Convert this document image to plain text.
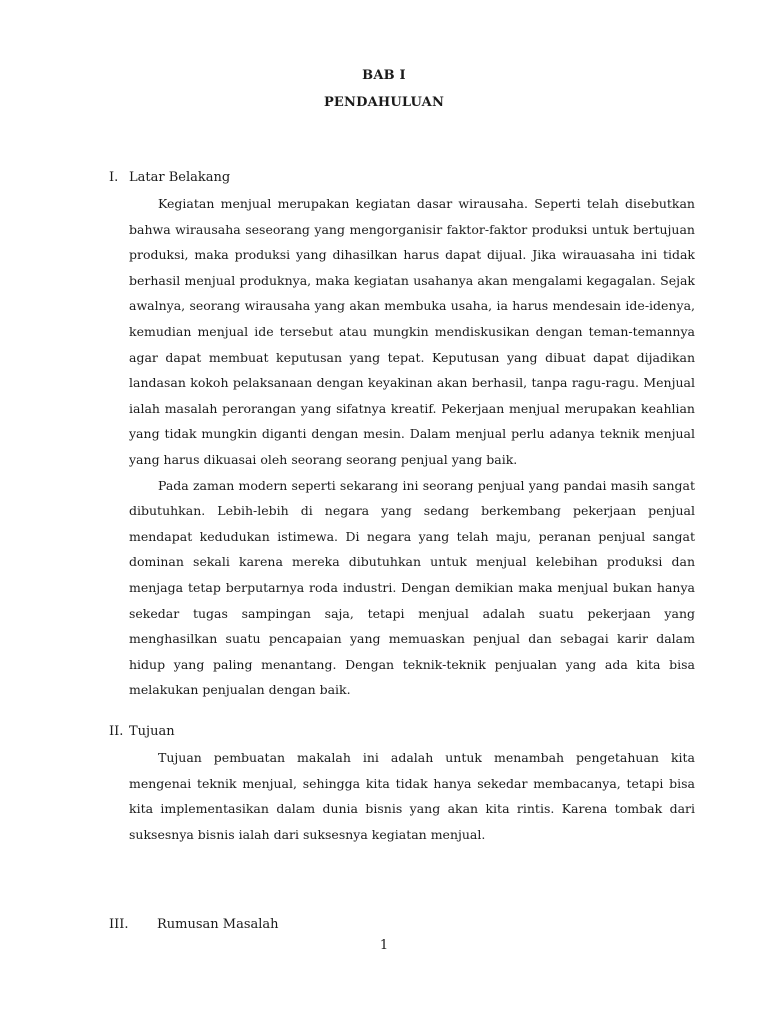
BAB I
PENDAHULUAN
I. Latar Belakang

Kegiatan menjual merupakan kegiatan dasar wirausaha. Seperti telah disebutkan bahwa wirausaha seseorang yang mengorganisir faktor-faktor produksi untuk bertujuan produksi, maka produksi yang dihasilkan harus dapat dijual. Jika wirauasaha ini tidak berhasil menjual produknya, maka kegiatan usahanya akan mengalami kegagalan. Sejak awalnya, seorang wirausaha yang akan membuka usaha, ia harus mendesain ide-idenya, kemudian menjual ide tersebut atau mungkin mendiskusikan dengan teman-temannya agar dapat membuat keputusan yang tepat. Keputusan yang dibuat dapat dijadikan landasan kokoh pelaksanaan dengan keyakinan akan berhasil, tanpa ragu-ragu. Menjual ialah masalah perorangan yang sifatnya kreatif. Pekerjaan menjual merupakan keahlian yang tidak mungkin diganti dengan mesin. Dalam menjual perlu adanya teknik menjual yang harus dikuasai oleh seorang seorang penjual yang baik.

Pada zaman modern seperti sekarang ini seorang penjual yang pandai masih sangat dibutuhkan. Lebih-lebih di negara yang sedang berkembang pekerjaan penjual mendapat kedudukan istimewa. Di negara yang telah maju, peranan penjual sangat dominan sekali karena mereka dibutuhkan untuk menjual kelebihan produksi dan menjaga tetap berputarnya roda industri. Dengan demikian maka menjual bukan hanya sekedar tugas sampingan saja, tetapi menjual adalah suatu pekerjaan yang menghasilkan suatu pencapaian yang memuaskan penjual dan sebagai karir dalam hidup yang paling menantang. Dengan teknik-teknik penjualan yang ada kita bisa melakukan penjualan dengan baik.

II. Tujuan

Tujuan pembuatan makalah ini adalah untuk menambah pengetahuan kita mengenai teknik menjual, sehingga kita tidak hanya sekedar membacanya, tetapi bisa kita implementasikan dalam dunia bisnis yang akan kita rintis. Karena tombak dari suksesnya bisnis ialah dari suksesnya kegiatan menjual.

III. Rumusan Masalah
1
